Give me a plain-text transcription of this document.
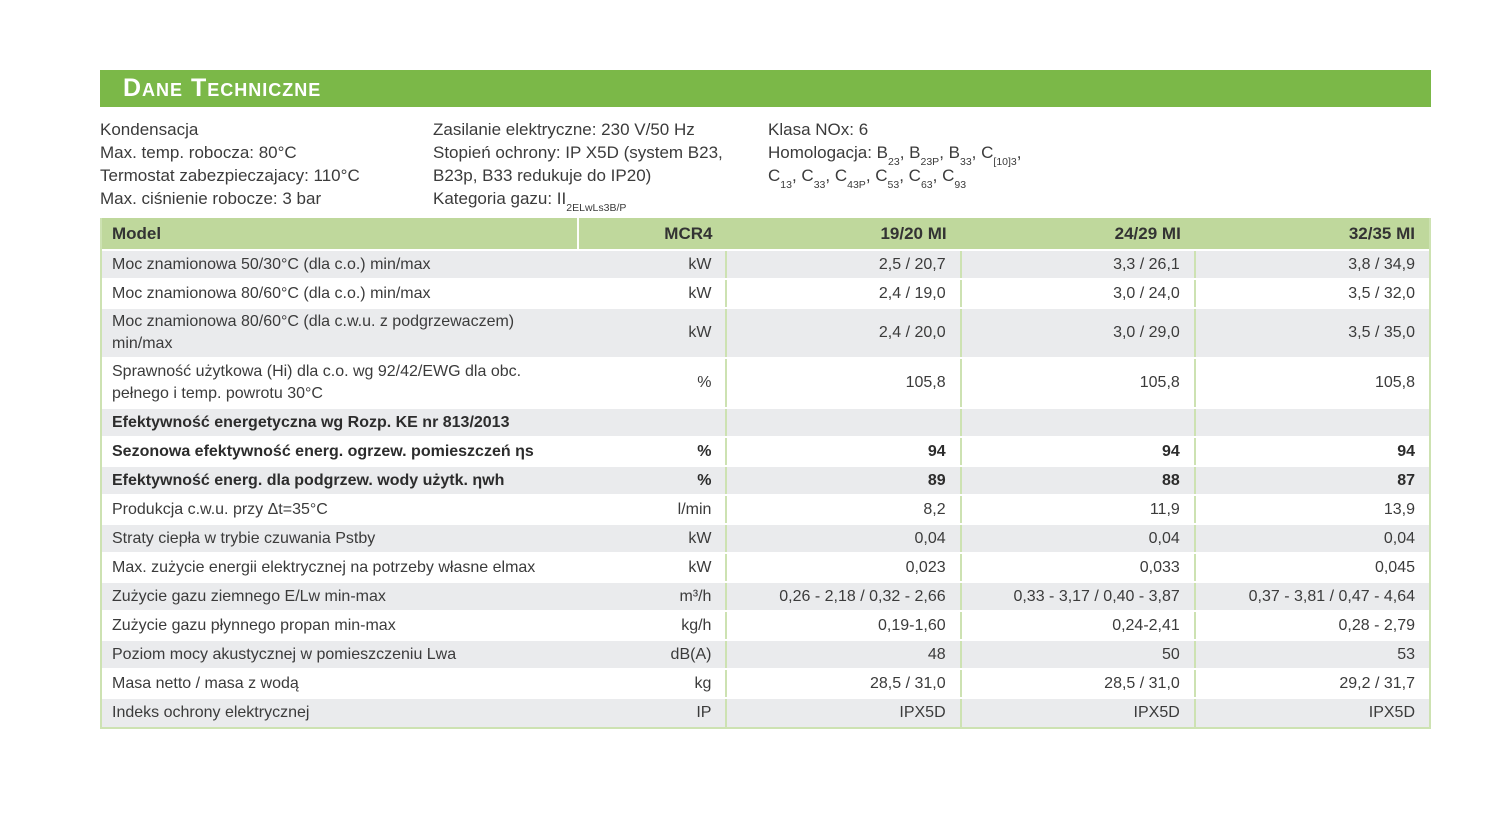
Dane Techniczne
Kondensacja
Max. temp. robocza: 80°C
Termostat zabezpieczajacy: 110°C
Max. ciśnienie robocze: 3 bar
Zasilanie elektryczne: 230 V/50 Hz
Stopień ochrony: IP X5D (system B23,
B23p, B33 redukuje do IP20)
Kategoria gazu: $II_{2ELwLs3B/P}$
Klasa NOx: 6
Homologacja: $B_{23}$, $B_{23P}$, $B_{33}$, $C_{[10]3}$,
$C_{13}$, $C_{33}$, $C_{43P}$, $C_{53}$, $C_{63}$, $C_{93}$
Model	MCR4	19/20 MI	24/29 MI	32/35 MI
Moc znamionowa 50/30°C (dla c.o.) min/max	kW	2,5 / 20,7	3,3 / 26,1	3,8 / 34,9
Moc znamionowa 80/60°C (dla c.o.) min/max	kW	2,4 / 19,0	3,0 / 24,0	3,5 / 32,0
Moc znamionowa 80/60°C (dla c.w.u. z podgrzewaczem) min/max	kW	2,4 / 20,0	3,0 / 29,0	3,5 / 35,0
Sprawność użytkowa (Hi) dla c.o. wg 92/42/EWG dla obc. pełnego i temp. powrotu 30°C	%	105,8	105,8	105,8
Efektywność energetyczna wg Rozp. KE nr 813/2013				
Sezonowa efektywność energ. ogrzew. pomieszczeń ηs	%	94	94	94
Efektywność energ. dla podgrzew. wody użytk. ηwh	%	89	88	87
Produkcja c.w.u. przy Δt=35°C	l/min	8,2	11,9	13,9
Straty ciepła w trybie czuwania Pstby	kW	0,04	0,04	0,04
Max. zużycie energii elektrycznej na potrzeby własne elmax	kW	0,023	0,033	0,045
Zużycie gazu ziemnego E/Lw min-max	m³/h	0,26 - 2,18 / 0,32 - 2,66	0,33 - 3,17 / 0,40 - 3,87	0,37 - 3,81 / 0,47 - 4,64
Zużycie gazu płynnego propan min-max	kg/h	0,19-1,60	0,24-2,41	0,28 - 2,79
Poziom mocy akustycznej w pomieszczeniu Lwa	dB(A)	48	50	53
Masa netto / masa z wodą	kg	28,5 / 31,0	28,5 / 31,0	29,2 / 31,7
Indeks ochrony elektrycznej	IP	IPX5D	IPX5D	IPX5D
